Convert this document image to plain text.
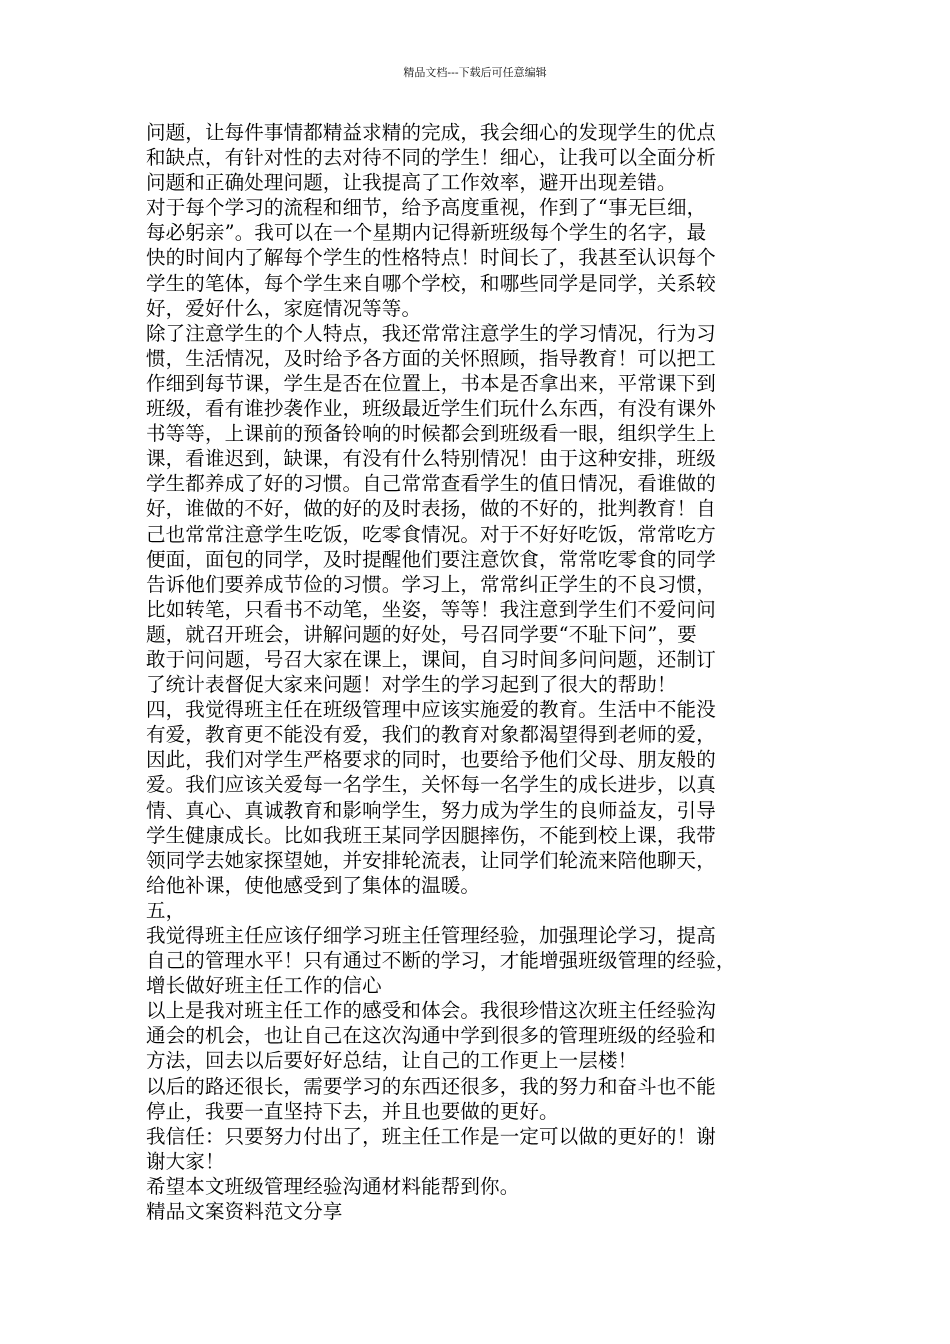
精品文档---下载后可任意编辑
问题，让每件事情都精益求精的完成，我会细心的发现学生的优点
和缺点，有针对性的去对待不同的学生！细心，让我可以全面分析
问题和正确处理问题，让我提高了工作效率，避开出现差错。
对于每个学习的流程和细节，给予高度重视，作到了“事无巨细，
每必躬亲”。我可以在一个星期内记得新班级每个学生的名字，最
快的时间内了解每个学生的性格特点！时间长了，我甚至认识每个
学生的笔体，每个学生来自哪个学校，和哪些同学是同学，关系较
好，爱好什么，家庭情况等等。
除了注意学生的个人特点，我还常常注意学生的学习情况，行为习
惯，生活情况，及时给予各方面的关怀照顾，指导教育！可以把工
作细到每节课，学生是否在位置上，书本是否拿出来，平常课下到
班级，看有谁抄袭作业，班级最近学生们玩什么东西，有没有课外
书等等，上课前的预备铃响的时候都会到班级看一眼，组织学生上
课，看谁迟到，缺课，有没有什么特别情况！由于这种安排，班级
学生都养成了好的习惯。自己常常查看学生的值日情况，看谁做的
好，谁做的不好，做的好的及时表扬，做的不好的，批判教育！自
己也常常注意学生吃饭，吃零食情况。对于不好好吃饭，常常吃方
便面，面包的同学，及时提醒他们要注意饮食，常常吃零食的同学
告诉他们要养成节俭的习惯。学习上，常常纠正学生的不良习惯，
比如转笔，只看书不动笔，坐姿，等等！我注意到学生们不爱问问
题，就召开班会，讲解问题的好处，号召同学要“不耻下问”，要
敢于问问题，号召大家在课上，课间，自习时间多问问题，还制订
了统计表督促大家来问题！对学生的学习起到了很大的帮助！
四，我觉得班主任在班级管理中应该实施爱的教育。生活中不能没
有爱，教育更不能没有爱，我们的教育对象都渴望得到老师的爱，
因此，我们对学生严格要求的同时，也要给予他们父母、朋友般的
爱。我们应该关爱每一名学生，关怀每一名学生的成长进步，以真
情、真心、真诚教育和影响学生，努力成为学生的良师益友，引导
学生健康成长。比如我班王某同学因腿摔伤，不能到校上课，我带
领同学去她家探望她，并安排轮流表，让同学们轮流来陪他聊天，
给他补课，使他感受到了集体的温暖。
五，
我觉得班主任应该仔细学习班主任管理经验，加强理论学习，提高
自己的管理水平！只有通过不断的学习，才能增强班级管理的经验，
增长做好班主任工作的信心
以上是我对班主任工作的感受和体会。我很珍惜这次班主任经验沟
通会的机会，也让自己在这次沟通中学到很多的管理班级的经验和
方法，回去以后要好好总结，让自己的工作更上一层楼！
以后的路还很长，需要学习的东西还很多，我的努力和奋斗也不能
停止，我要一直坚持下去，并且也要做的更好。
我信任：只要努力付出了，班主任工作是一定可以做的更好的！谢
谢大家！
希望本文班级管理经验沟通材料能帮到你。
精品文案资料范文分享
